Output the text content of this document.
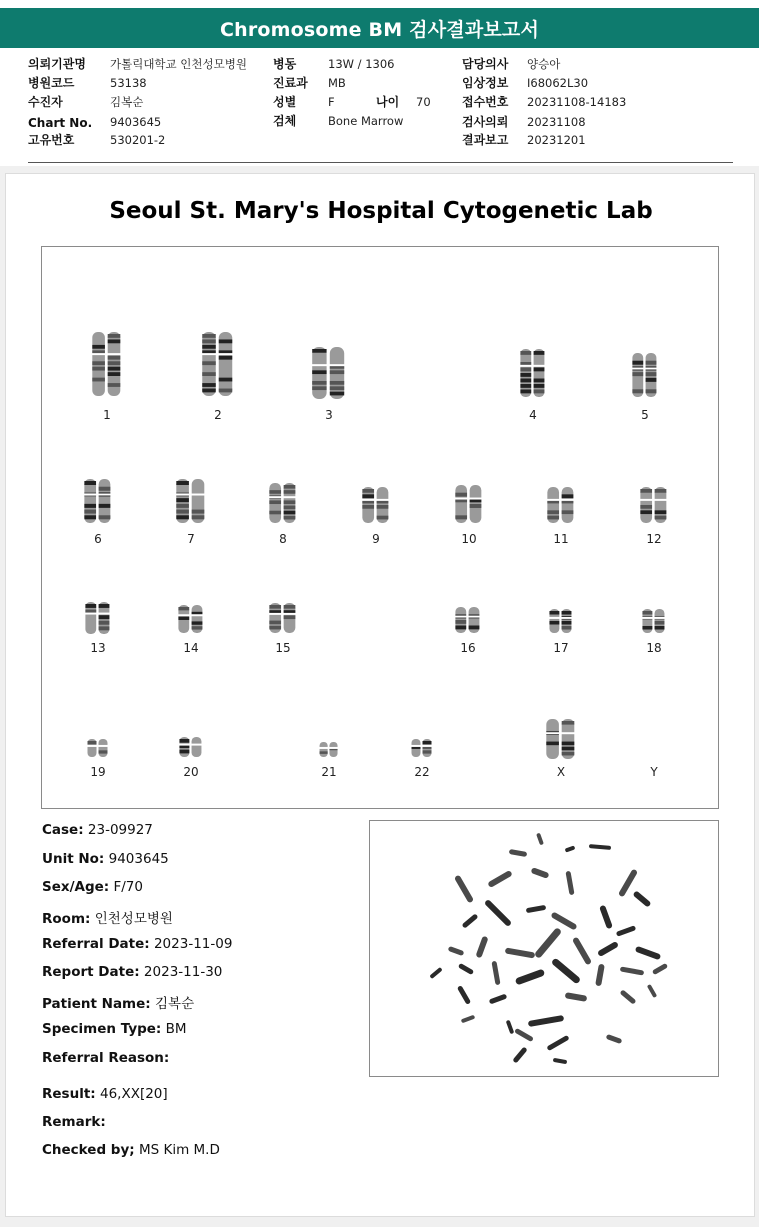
Chromosome BM 검사결과보고서
의뢰기관명 가톨릭대학교 인천성모병원
병원코드	53138
수진자	김복순
Chart No. 9403645
고유번호	530201-2
병동	13W / 1306
진료과 MB
성별	F	나이 70
검체	Bone Marrow
담당의사 양승아
임상정보 I68062L30
접수번호 20231108-14183
검사의뢰 20231108
결과보고 20231201
Seoul St. Mary's Hospital Cytogenetic Lab
1	2	3	4	5
6	7	8	9	10	11	12
13	14	15	16	17	18
19	20	21	22	X	Y
Case: 23-09927
Unit No: 9403645
Sex/Age: F/70
Room: 인천성모병원
Referral Date: 2023-11-09
Report Date: 2023-11-30
Patient Name: 김복순
Specimen Type: BM
Referral Reason:
Result: 46,XX[20]
Remark:
Checked by; MS Kim M.D
